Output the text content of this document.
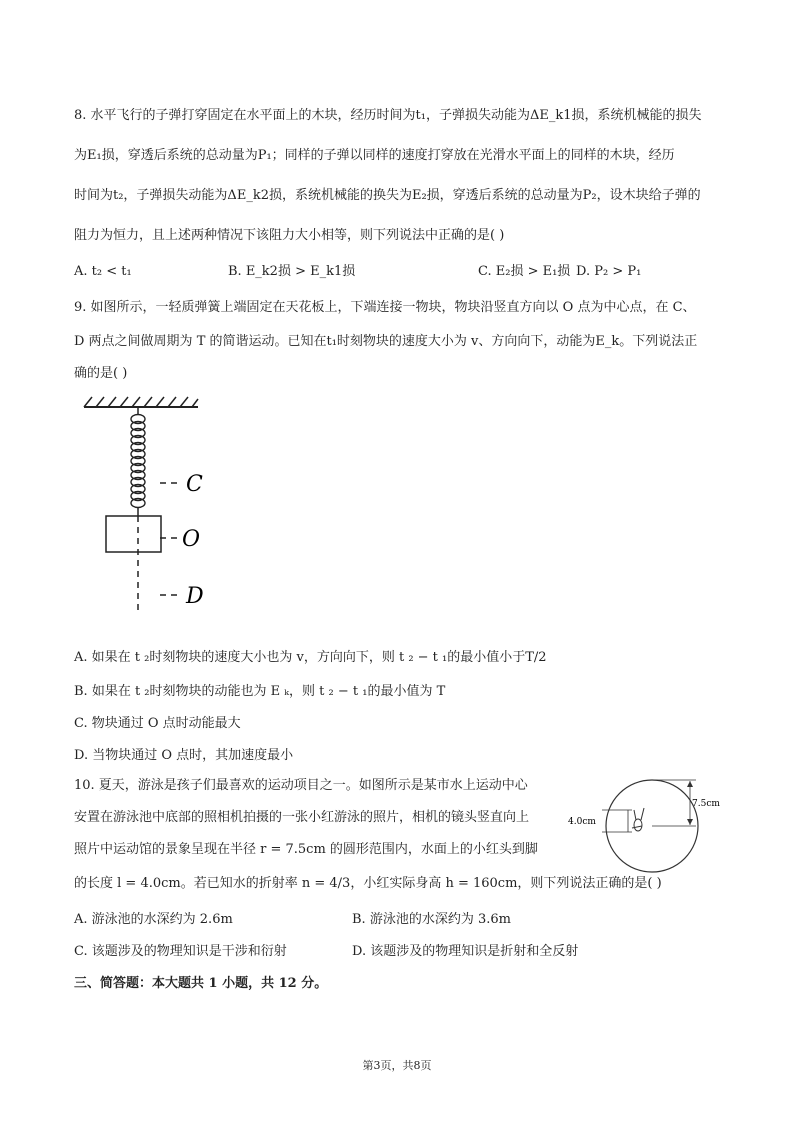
8. 水平飞行的子弹打穿固定在水平面上的木块，经历时间为t₁，子弹损失动能为ΔE_k1损，系统机械能的损失
为E₁损，穿透后系统的总动量为P₁；同样的子弹以同样的速度打穿放在光滑水平面上的同样的木块，经历
时间为t₂，子弹损失动能为ΔE_k2损，系统机械能的换失为E₂损，穿透后系统的总动量为P₂，设木块给子弹的
阻力为恒力，且上述两种情况下该阻力大小相等，则下列说法中正确的是( )
A. t₂ < t₁	B. E_k2损 > E_k1损	C. E₂损 > E₁损 D. P₂ > P₁
9. 如图所示，一轻质弹簧上端固定在天花板上，下端连接一物块，物块沿竖直方向以 O 点为中心点，在 C、
D 两点之间做周期为 T 的简谐运动。已知在t₁时刻物块的速度大小为 v、方向向下，动能为E_k。下列说法正
确的是( )
C
O
D
A. 如果在 t ₂时刻物块的速度大小也为 v，方向向下，则 t ₂ − t ₁的最小值小于T/2
B. 如果在 t ₂时刻物块的动能也为 E ₖ，则 t ₂ − t ₁的最小值为 T
C. 物块通过 O 点时动能最大
D. 当物块通过 O 点时，其加速度最小
10. 夏天，游泳是孩子们最喜欢的运动项目之一。如图所示是某市水上运动中心
安置在游泳池中底部的照相机拍摄的一张小红游泳的照片，相机的镜头竖直向上
照片中运动馆的景象呈现在半径 r = 7.5cm 的圆形范围内，水面上的小红头到脚
的长度 l = 4.0cm。若已知水的折射率 n = 4/3，小红实际身高 h = 160cm，则下列说法正确的是( )
7.5cm
4.0cm
A. 游泳池的水深约为 2.6m	B. 游泳池的水深约为 3.6m
C. 该题涉及的物理知识是干涉和衍射	D. 该题涉及的物理知识是折射和全反射
三、简答题：本大题共 1 小题，共 12 分。
第3页，共8页
